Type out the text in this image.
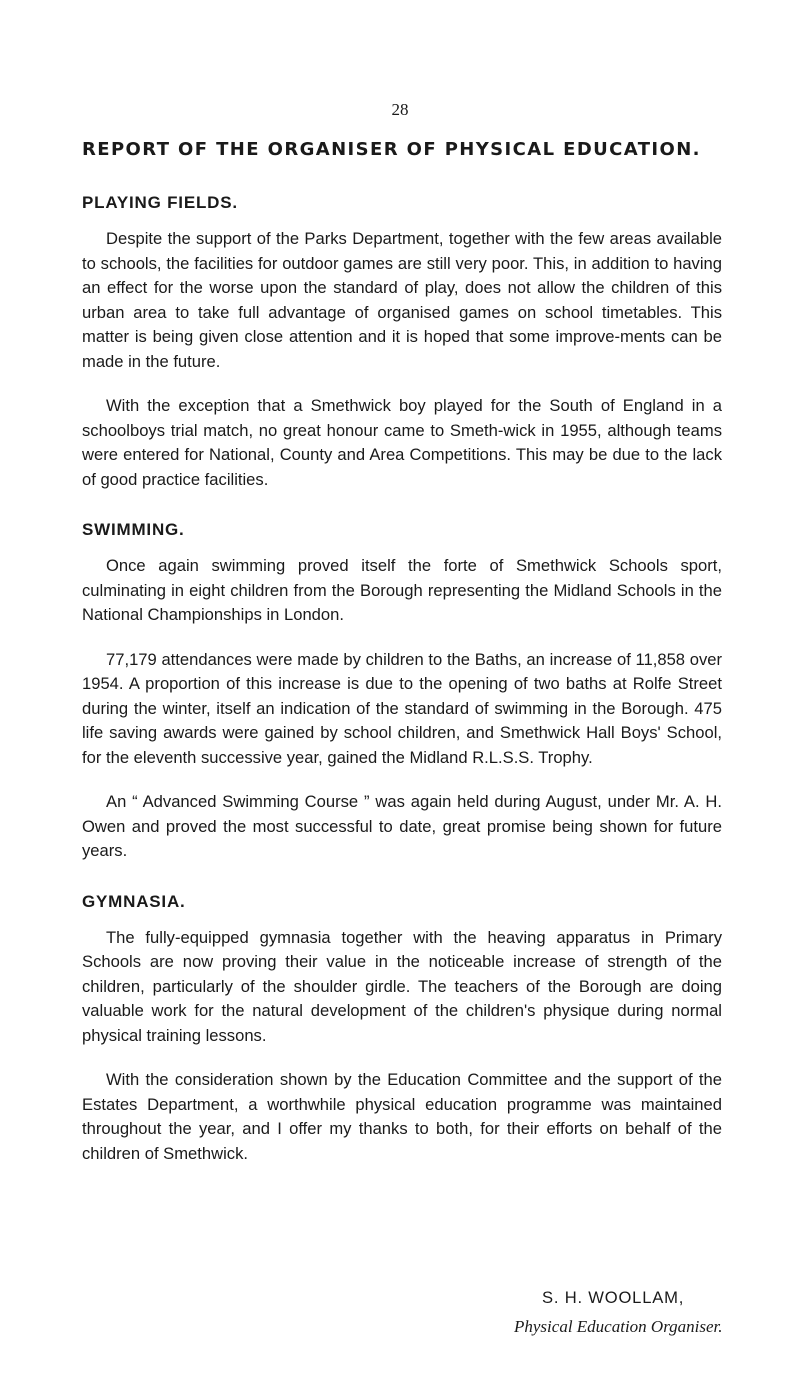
28
REPORT OF THE ORGANISER OF PHYSICAL EDUCATION.
PLAYING FIELDS.

Despite the support of the Parks Department, together with the few areas available to schools, the facilities for outdoor games are still very poor. This, in addition to having an effect for the worse upon the standard of play, does not allow the children of this urban area to take full advantage of organised games on school timetables. This matter is being given close attention and it is hoped that some improve-ments can be made in the future.

With the exception that a Smethwick boy played for the South of England in a schoolboys trial match, no great honour came to Smeth-wick in 1955, although teams were entered for National, County and Area Competitions. This may be due to the lack of good practice facilities.

SWIMMING.

Once again swimming proved itself the forte of Smethwick Schools sport, culminating in eight children from the Borough representing the Midland Schools in the National Championships in London.

77,179 attendances were made by children to the Baths, an increase of 11,858 over 1954. A proportion of this increase is due to the opening of two baths at Rolfe Street during the winter, itself an indication of the standard of swimming in the Borough. 475 life saving awards were gained by school children, and Smethwick Hall Boys' School, for the eleventh successive year, gained the Midland R.L.S.S. Trophy.

An “ Advanced Swimming Course ” was again held during August, under Mr. A. H. Owen and proved the most successful to date, great promise being shown for future years.

GYMNASIA.

The fully-equipped gymnasia together with the heaving apparatus in Primary Schools are now proving their value in the noticeable increase of strength of the children, particularly of the shoulder girdle. The teachers of the Borough are doing valuable work for the natural development of the children's physique during normal physical training lessons.

With the consideration shown by the Education Committee and the support of the Estates Department, a worthwhile physical education programme was maintained throughout the year, and I offer my thanks to both, for their efforts on behalf of the children of Smethwick.

S. H. WOOLLAM,
Physical Education Organiser.
